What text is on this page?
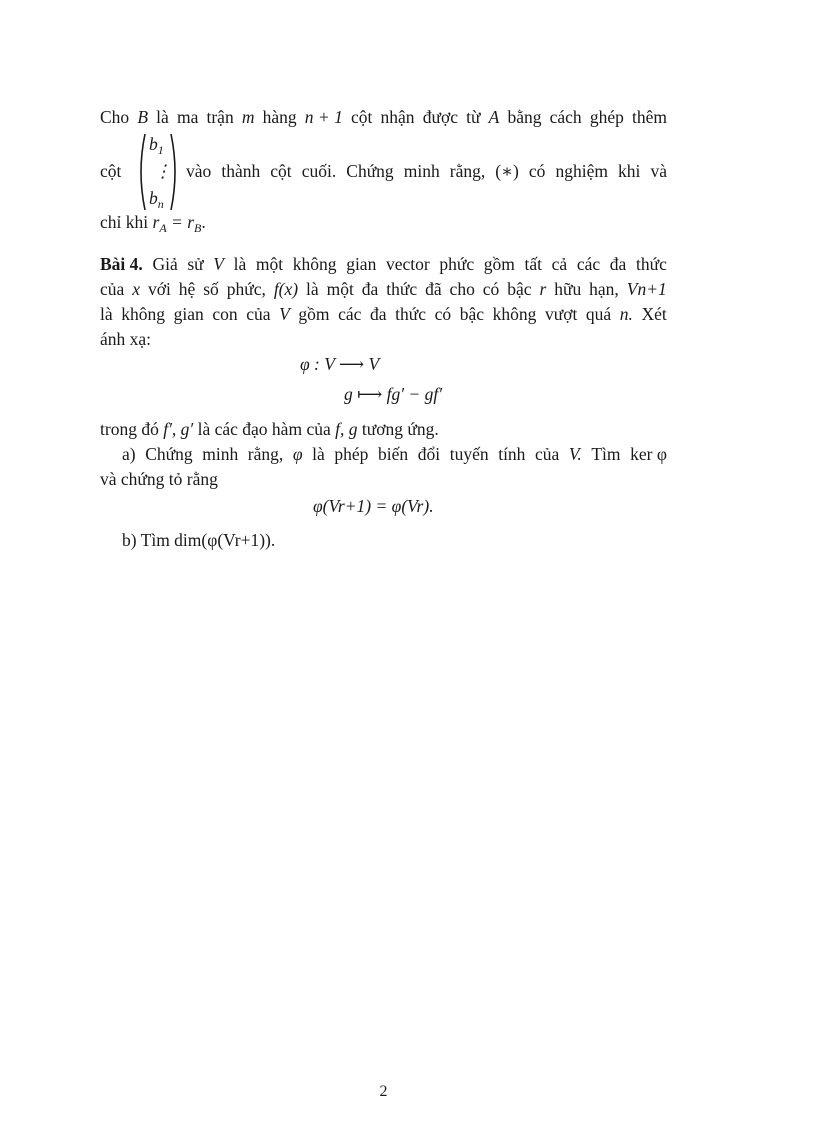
Cho B là ma trận m hàng n + 1 cột nhận được từ A bằng cách ghép thêm
cột
$b_1$
⋮
$b_n$
vào thành cột cuối. Chứng minh rằng, (∗) có nghiệm khi và
chỉ khi $r_A = r_B$.
Bài 4. Giả sử V là một không gian vector phức gồm tất cả các đa thức
của x với hệ số phức, f(x) là một đa thức đã cho có bậc r hữu hạn, Vn+1
là không gian con của V gồm các đa thức có bậc không vượt quá n. Xét
ánh xạ:
φ : V ⟶ V
g ⟼ fg′ − gf′
trong đó f′, g′ là các đạo hàm của f, g tương ứng.
a) Chứng minh rằng, φ là phép biến đổi tuyến tính của V. Tìm ker φ
và chứng tỏ rằng
φ(Vr+1) = φ(Vr).
b) Tìm dim(φ(Vr+1)).
2
